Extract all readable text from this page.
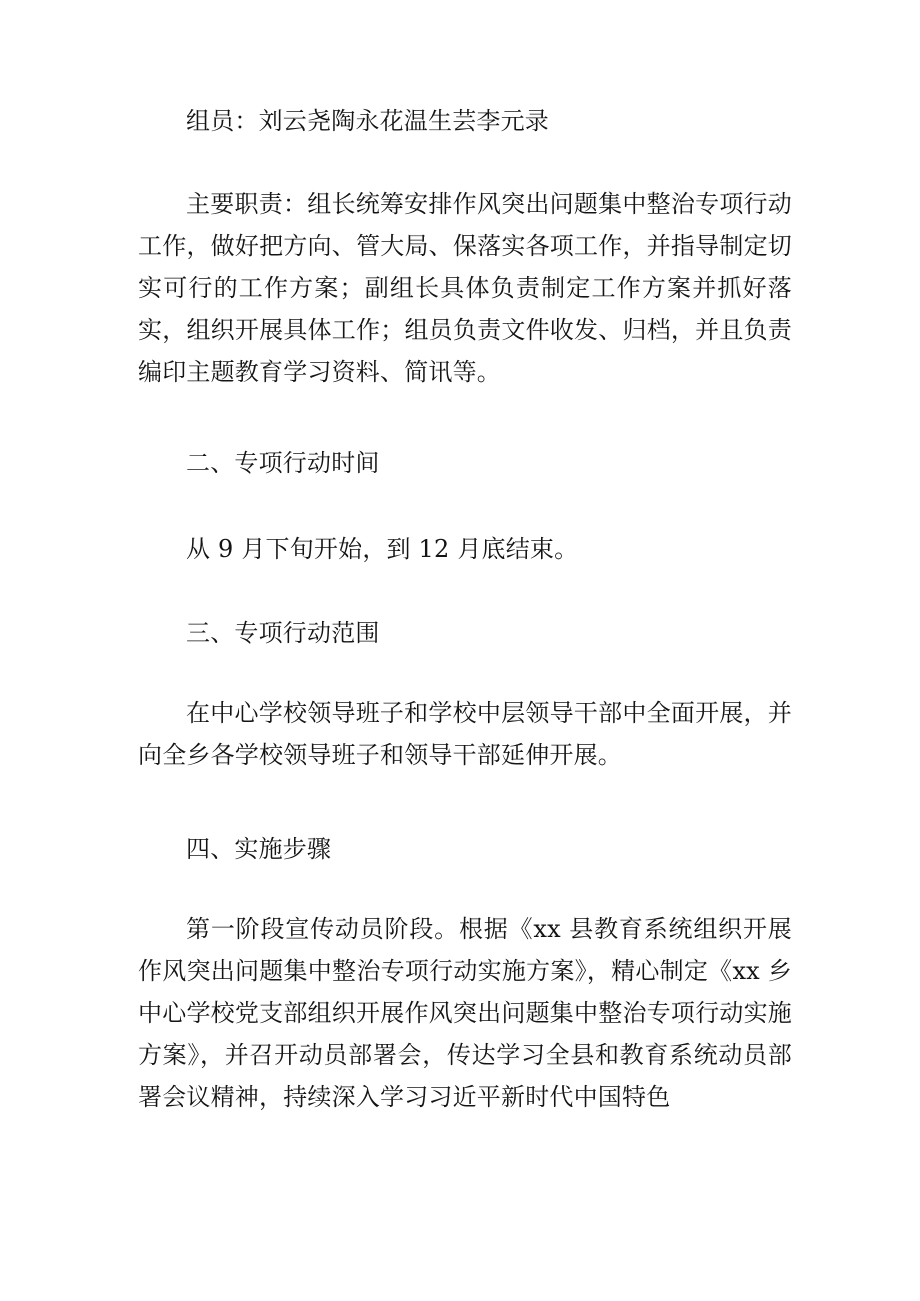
组员：刘云尧陶永花温生芸李元录

主要职责：组长统筹安排作风突出问题集中整治专项行动工作，做好把方向、管大局、保落实各项工作，并指导制定切实可行的工作方案；副组长具体负责制定工作方案并抓好落实，组织开展具体工作；组员负责文件收发、归档，并且负责编印主题教育学习资料、简讯等。

二、专项行动时间

从 9 月下旬开始，到 12 月底结束。

三、专项行动范围

在中心学校领导班子和学校中层领导干部中全面开展，并向全乡各学校领导班子和领导干部延伸开展。

四、实施步骤

第一阶段宣传动员阶段。根据《xx 县教育系统组织开展作风突出问题集中整治专项行动实施方案》，精心制定《xx 乡中心学校党支部组织开展作风突出问题集中整治专项行动实施方案》，并召开动员部署会，传达学习全县和教育系统动员部署会议精神，持续深入学习习近平新时代中国特色
